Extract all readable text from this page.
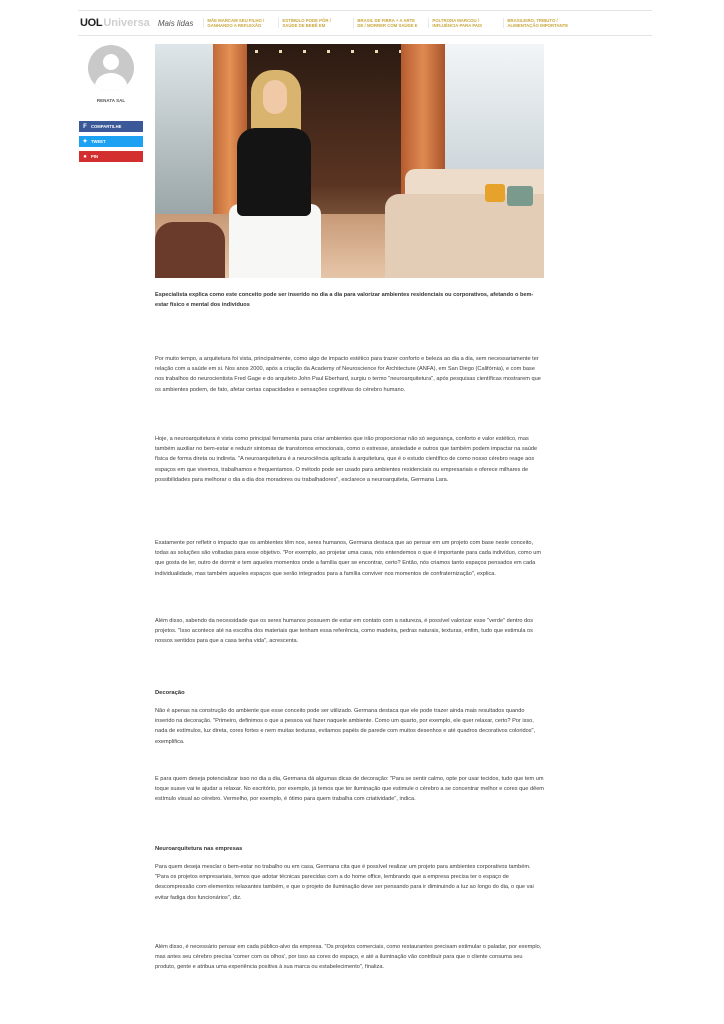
UOL Universa Mais lidas	MÃE MARCAM SEU FILHO / GANHANDO A REFLEXÃO
ESTÍMULO PODE PÔR / SAÚDE DE BEBÊ EM
BRASIL DE FIBRA + A ARTE DE / MORRER COM SAÚDE E
POLTRONA MARCOU / INFLUÊNCIA PARA PAIS
BRASILEIRO, TRIBUTO / ALIMENTAÇÃO IMPORTANTE
RENATA SAL
F COMPARTILHE
✦ TWEET
● PIN

Especialista explica como este conceito pode ser inserido no dia a dia para valorizar ambientes residenciais ou corporativos, afetando o bem-estar físico e mental dos indivíduos

Por muito tempo, a arquitetura foi vista, principalmente, como algo de impacto estético para trazer conforto e beleza ao dia a dia, sem necessariamente ter relação com a saúde em si. Nos anos 2000, após a criação da Academy of Neuroscience for Architecture (ANFA), em San Diego (Califórnia), e com base nos trabalhos do neurocientista Fred Gage e do arquiteto John Paul Eberhard, surgiu o termo "neuroarquitetura", após pesquisas científicas mostrarem que os ambientes podem, de fato, afetar certas capacidades e sensações cognitivas do cérebro humano.

Hoje, a neuroarquitetura é vista como principal ferramenta para criar ambientes que irão proporcionar não só segurança, conforto e valor estético, mas também auxiliar no bem-estar e reduzir sintomas de transtornos emocionais, como o estresse, ansiedade e outros que também podem impactar na saúde física de forma direta ou indireta. "A neuroarquitetura é a neurociência aplicada à arquitetura, que é o estudo científico de como nosso cérebro reage aos espaços em que vivemos, trabalhamos e frequentamos. O método pode ser usado para ambientes residenciais ou empresariais e oferece milhares de possibilidades para melhorar o dia a dia dos moradores ou trabalhadores", esclarece a neuroarquiteta, Germana Lara.

Exatamente por refletir o impacto que os ambientes têm nos, seres humanos, Germana destaca que ao pensar em um projeto com base neste conceito, todas as soluções são voltadas para esse objetivo. "Por exemplo, ao projetar uma casa, nós entendemos o que é importante para cada indivíduo, como um que gosta de ler, outro de dormir e tem aqueles momentos onde a família quer se encontrar, certo? Então, nós criamos tanto espaços pensados em cada individualidade, mas também aqueles espaços que serão integrados para a família conviver nos momentos de confraternização", explica.

Além disso, sabendo da necessidade que os seres humanos possuem de estar em contato com a natureza, é possível valorizar esse "verde" dentro dos projetos. "Isso acontece até na escolha dos materiais que tenham essa referência, como madeira, pedras naturais, texturas, enfim, tudo que estimula os nossos sentidos para que a casa tenha vida", acrescenta.

Decoração

Não é apenas na construção do ambiente que esse conceito pode ser utilizado. Germana destaca que ele pode trazer ainda mais resultados quando inserido na decoração. "Primeiro, definimos o que a pessoa vai fazer naquele ambiente. Como um quarto, por exemplo, ele quer relaxar, certo? Por isso, nada de estímulos, luz direta, cores fortes e nem muitas texturas, evitamos papéis de parede com muitos desenhos e até quadros decorativos coloridos", exemplifica.

E para quem deseja potencializar isso no dia a dia, Germana dá algumas dicas de decoração: "Para se sentir calmo, opte por usar tecidos, tudo que tem um toque suave vai te ajudar a relaxar. No escritório, por exemplo, já temos que ter iluminação que estimule o cérebro a se concentrar melhor e cores que dêem estímulo visual ao cérebro. Vermelho, por exemplo, é ótimo para quem trabalha com criatividade", indica.

Neuroarquitetura nas empresas

Para quem deseja mesclar o bem-estar no trabalho ou em casa, Germana cita que é possível realizar um projeto para ambientes corporativos também. "Para os projetos empresariais, temos que adotar técnicas parecidas com a do home office, lembrando que a empresa precisa ter o espaço de descompressão com elementos relaxantes também, e que o projeto de iluminação deve ser pensando para ir diminuindo a luz ao longo do dia, o que vai evitar fadiga dos funcionários", diz.

Além disso, é necessário pensar em cada público-alvo da empresa. "Os projetos comerciais, como restaurantes precisam estimular o paladar, por exemplo, mas antes seu cérebro precisa 'comer com os olhos', por isso as cores do espaço, e até a iluminação vão contribuir para que o cliente consuma seu produto, gente e atribua uma experiência positiva à sua marca ou estabelecimento", finaliza.
